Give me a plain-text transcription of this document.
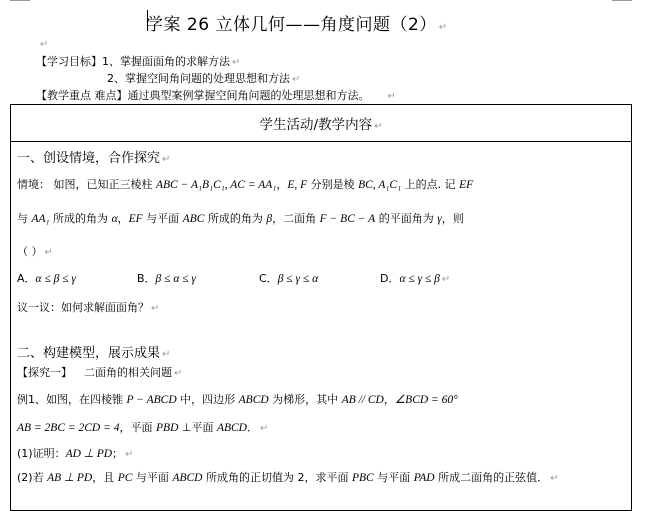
学案 26 立体几何——角度问题（2） ↵
↵
【学习目标】1、掌握面面角的求解方法 ↵
2、掌握空间角问题的处理思想和方法 ↵
【教学重点 难点】通过典型案例掌握空间角问题的处理思想和方法。 ↵
学生活动/教学内容 ↵
一、创设情境，合作探究 ↵
情境： 如图，已知正三棱柱 ABC − A₁B₁C₁, AC = AA₁，E, F 分别是棱 BC, A₁C₁ 上的点. 记 EF
与 AA₁ 所成的角为 α，EF 与平面 ABC 所成的角为 β，二面角 F − BC − A 的平面角为 γ，则
（ ） ↵
A．α ≤ β ≤ γ	B．β ≤ α ≤ γ	C．β ≤ γ ≤ α	D．α ≤ γ ≤ β ↵
议一议：如何求解面面角？ ↵
二、构建模型，展示成果 ↵
【探究一】 二面角的相关问题 ↵
例1、如图，在四棱锥 P − ABCD 中，四边形 ABCD 为梯形，其中 AB // CD，∠BCD = 60°
AB = 2BC = 2CD = 4，平面 PBD ⊥平面 ABCD． ↵
(1)证明：AD ⊥ PD； ↵
(2)若 AB ⊥ PD，且 PC 与平面 ABCD 所成角的正切值为 2，求平面 PBC 与平面 PAD 所成二面角的正弦值． ↵
